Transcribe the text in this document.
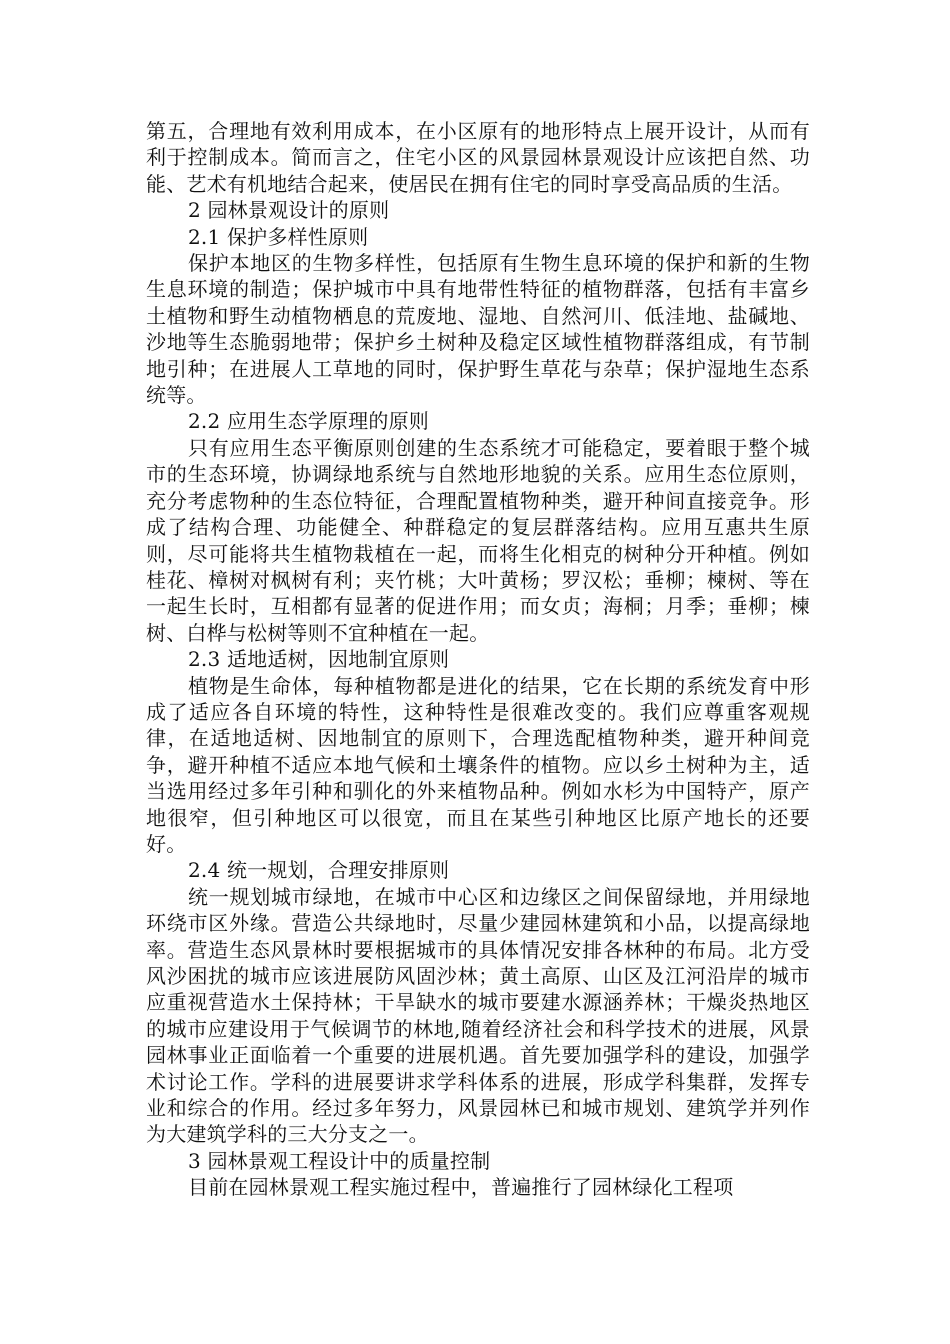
第五，合理地有效利用成本，在小区原有的地形特点上展开设计，从而有利于控制成本。简而言之，住宅小区的风景园林景观设计应该把自然、功能、艺术有机地结合起来，使居民在拥有住宅的同时享受高品质的生活。

2 园林景观设计的原则

2.1 保护多样性原则

保护本地区的生物多样性，包括原有生物生息环境的保护和新的生物生息环境的制造；保护城市中具有地带性特征的植物群落，包括有丰富乡土植物和野生动植物栖息的荒废地、湿地、自然河川、低洼地、盐碱地、沙地等生态脆弱地带；保护乡土树种及稳定区域性植物群落组成，有节制地引种；在进展人工草地的同时，保护野生草花与杂草；保护湿地生态系统等。

2.2 应用生态学原理的原则

只有应用生态平衡原则创建的生态系统才可能稳定，要着眼于整个城市的生态环境，协调绿地系统与自然地形地貌的关系。应用生态位原则，充分考虑物种的生态位特征，合理配置植物种类，避开种间直接竞争。形成了结构合理、功能健全、种群稳定的复层群落结构。应用互惠共生原则，尽可能将共生植物栽植在一起，而将生化相克的树种分开种植。例如桂花、樟树对枫树有利；夹竹桃；大叶黄杨；罗汉松；垂柳；楝树、等在一起生长时，互相都有显著的促进作用；而女贞；海桐；月季；垂柳；楝树、白桦与松树等则不宜种植在一起。

2.3 适地适树，因地制宜原则

植物是生命体，每种植物都是进化的结果，它在长期的系统发育中形成了适应各自环境的特性，这种特性是很难改变的。我们应尊重客观规律，在适地适树、因地制宜的原则下，合理选配植物种类，避开种间竞争，避开种植不适应本地气候和土壤条件的植物。应以乡土树种为主，适当选用经过多年引种和驯化的外来植物品种。例如水杉为中国特产，原产地很窄，但引种地区可以很宽，而且在某些引种地区比原产地长的还要好。

2.4 统一规划，合理安排原则

统一规划城市绿地，在城市中心区和边缘区之间保留绿地，并用绿地环绕市区外缘。营造公共绿地时，尽量少建园林建筑和小品，以提高绿地率。营造生态风景林时要根据城市的具体情况安排各林种的布局。北方受风沙困扰的城市应该进展防风固沙林；黄土高原、山区及江河沿岸的城市应重视营造水土保持林；干旱缺水的城市要建水源涵养林；干燥炎热地区的城市应建设用于气候调节的林地,随着经济社会和科学技术的进展，风景园林事业正面临着一个重要的进展机遇。首先要加强学科的建设，加强学术讨论工作。学科的进展要讲求学科体系的进展，形成学科集群，发挥专业和综合的作用。经过多年努力，风景园林已和城市规划、建筑学并列作为大建筑学科的三大分支之一。

3 园林景观工程设计中的质量控制

目前在园林景观工程实施过程中，普遍推行了园林绿化工程项
